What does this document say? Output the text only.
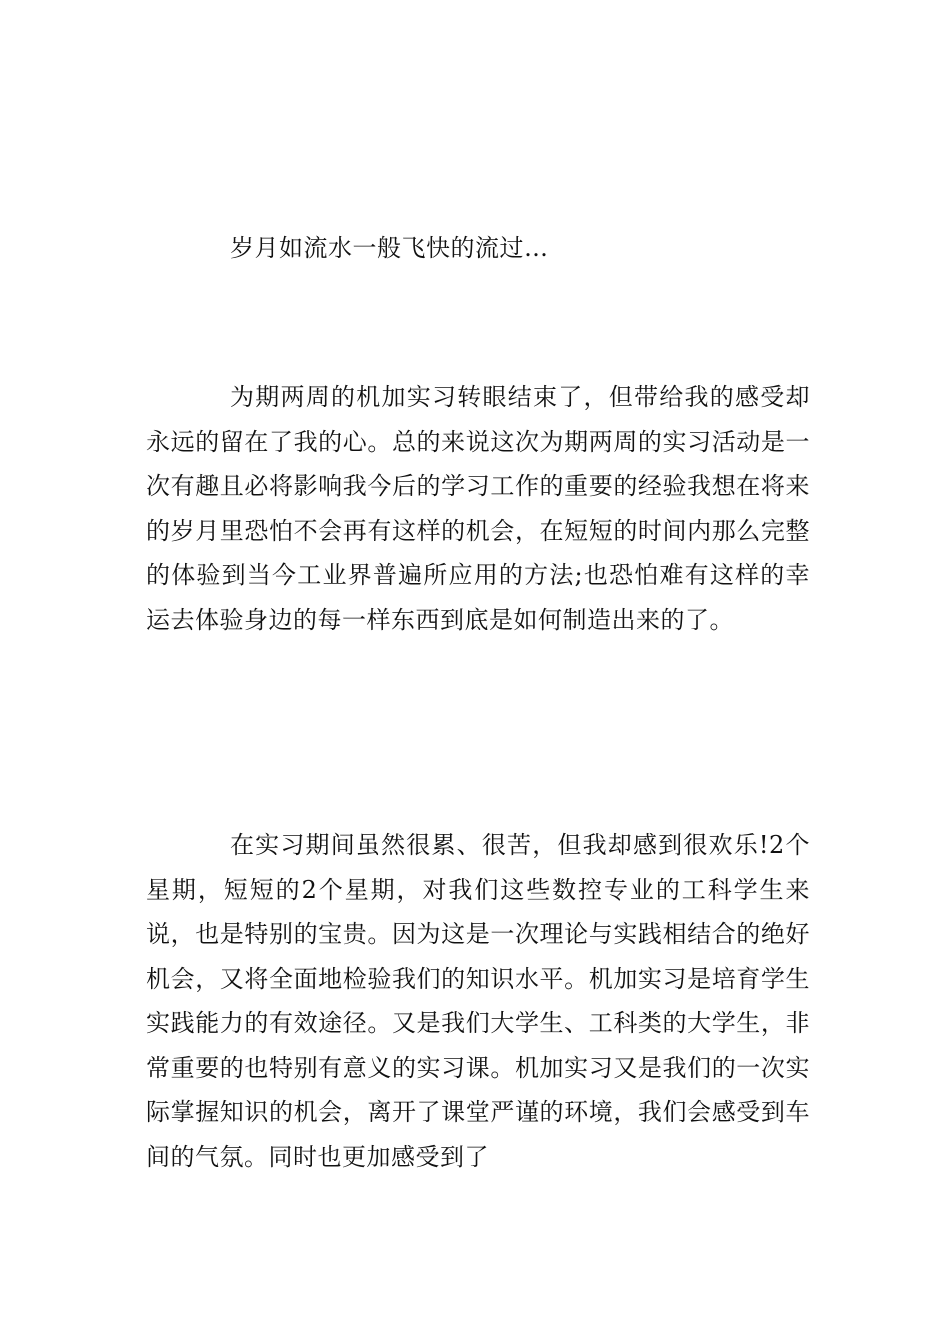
岁月如流水一般飞快的流过…

为期两周的机加实习转眼结束了，但带给我的感受却永远的留在了我的心。总的来说这次为期两周的实习活动是一次有趣且必将影响我今后的学习工作的重要的经验我想在将来的岁月里恐怕不会再有这样的机会，在短短的时间内那么完整的体验到当今工业界普遍所应用的方法;也恐怕难有这样的幸运去体验身边的每一样东西到底是如何制造出来的了。

在实习期间虽然很累、很苦，但我却感到很欢乐!2个星期，短短的2个星期，对我们这些数控专业的工科学生来说，也是特别的宝贵。因为这是一次理论与实践相结合的绝好机会，又将全面地检验我们的知识水平。机加实习是培育学生实践能力的有效途径。又是我们大学生、工科类的大学生，非常重要的也特别有意义的实习课。机加实习又是我们的一次实际掌握知识的机会，离开了课堂严谨的环境，我们会感受到车间的气氛。同时也更加感受到了
